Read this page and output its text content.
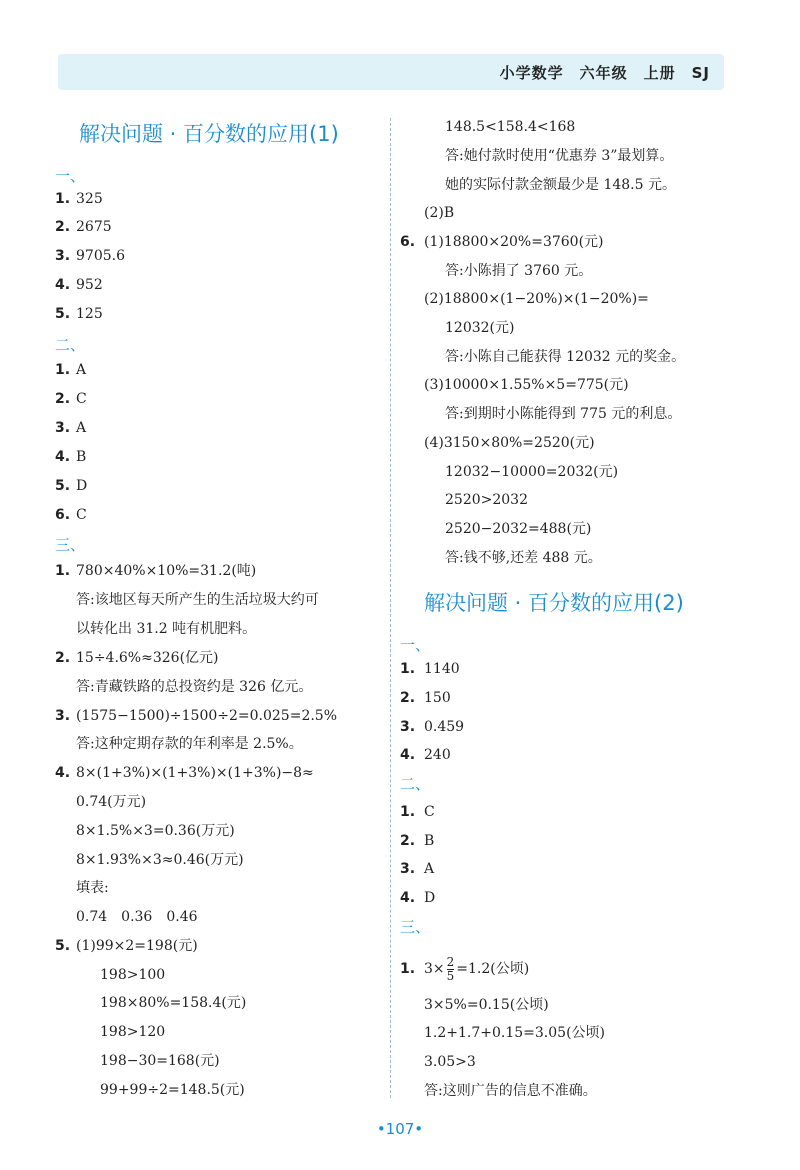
小学数学　六年级　上册　SJ
解决问题 · 百分数的应用(1)
一、
1. 325
2. 2675
3. 9705.6
4. 952
5. 125
二、
1. A
2. C
3. A
4. B
5. D
6. C
三、
1. 780×40%×10%=31.2(吨)
答:该地区每天所产生的生活垃圾大约可
以转化出 31.2 吨有机肥料。
2. 15÷4.6%≈326(亿元)
答:青藏铁路的总投资约是 326 亿元。
3. (1575−1500)÷1500÷2=0.025=2.5%
答:这种定期存款的年利率是 2.5%。
4. 8×(1+3%)×(1+3%)×(1+3%)−8≈
0.74(万元)
8×1.5%×3=0.36(万元)
8×1.93%×3≈0.46(万元)
填表:
0.74　0.36　0.46
5. (1)99×2=198(元)
198>100
198×80%=158.4(元)
198>120
198−30=168(元)
99+99÷2=148.5(元)
148.5<158.4<168
答:她付款时使用“优惠券 3”最划算。
她的实际付款金额最少是 148.5 元。
(2)B
6. (1)18800×20%=3760(元)
答:小陈捐了 3760 元。
(2)18800×(1−20%)×(1−20%)=
12032(元)
答:小陈自己能获得 12032 元的奖金。
(3)10000×1.55%×5=775(元)
答:到期时小陈能得到 775 元的利息。
(4)3150×80%=2520(元)
12032−10000=2032(元)
2520>2032
2520−2032=488(元)
答:钱不够,还差 488 元。
解决问题 · 百分数的应用(2)
一、
1. 1140
2. 150
3. 0.459
4. 240
二、
1. C
2. B
3. A
4. D
三、
1. $3\times \frac{2}{5} =1.2$(公顷)
3×5%=0.15(公顷)
1.2+1.7+0.15=3.05(公顷)
3.05>3
答:这则广告的信息不准确。
•107•
